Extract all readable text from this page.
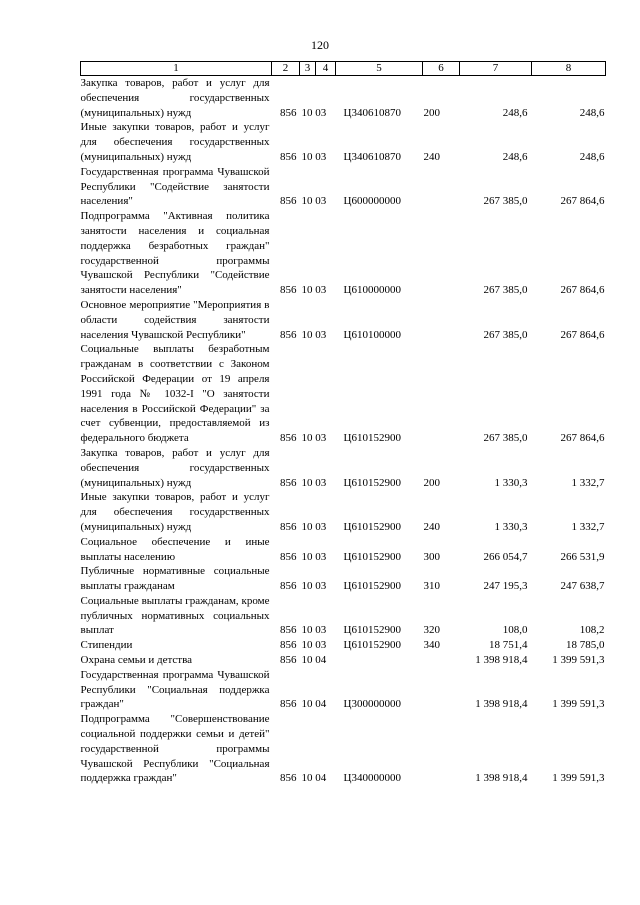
120
1	2	3	4	5	6	7	8
Закупка товаров, работ и услуг для обеспечения государственных (муниципальных) нужд	856	10 03		Ц340610870	200	248,6	248,6
Иные закупки товаров, работ и услуг для обеспечения государственных (муниципальных) нужд	856	10 03		Ц340610870	240	248,6	248,6
Государственная программа Чувашской Республики "Содействие занятости населения"	856	10 03		Ц600000000		267 385,0	267 864,6
Подпрограмма "Активная политика занятости населения и социальная поддержка безработных граждан" государственной программы Чувашской Республики "Содействие занятости населения"	856	10 03		Ц610000000		267 385,0	267 864,6
Основное мероприятие "Мероприятия в области содействия занятости населения Чувашской Республики"	856	10 03		Ц610100000		267 385,0	267 864,6
Социальные выплаты безработным гражданам в соответствии с Законом Российской Федерации от 19 апреля 1991 года № 1032-I "О занятости населения в Российской Федерации" за счет субвенции, предоставляемой из федерального бюджета	856	10 03		Ц610152900		267 385,0	267 864,6
Закупка товаров, работ и услуг для обеспечения государственных (муниципальных) нужд	856	10 03		Ц610152900	200	1 330,3	1 332,7
Иные закупки товаров, работ и услуг для обеспечения государственных (муниципальных) нужд	856	10 03		Ц610152900	240	1 330,3	1 332,7
Социальное обеспечение и иные выплаты населению	856	10 03		Ц610152900	300	266 054,7	266 531,9
Публичные нормативные социальные выплаты гражданам	856	10 03		Ц610152900	310	247 195,3	247 638,7
Социальные выплаты гражданам, кроме публичных нормативных социальных выплат	856	10 03		Ц610152900	320	108,0	108,2
Стипендии	856	10 03		Ц610152900	340	18 751,4	18 785,0
Охрана семьи и детства	856	10 04				1 398 918,4	1 399 591,3
Государственная программа Чувашской Республики "Социальная поддержка граждан"	856	10 04		Ц300000000		1 398 918,4	1 399 591,3
Подпрограмма "Совершенствование социальной поддержки семьи и детей" государственной программы Чувашской Республики "Социальная поддержка граждан"	856	10 04		Ц340000000		1 398 918,4	1 399 591,3
